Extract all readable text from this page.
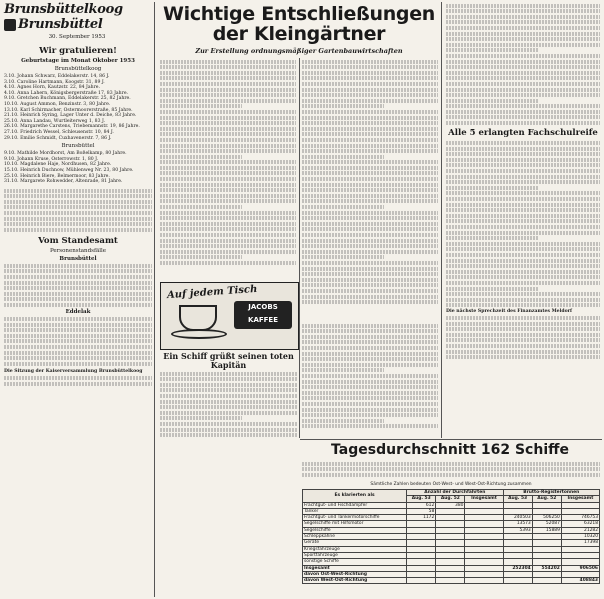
Brunsbüttelkoog
Brunsbüttel
30. September 1953
Wir gratulieren!
Geburtstage im Monat Oktober 1953
Brunsbüttelkoog
3.10. Johann Schwarz, Eddelakerstr. 14, 86 J.
3.10. Caroline Hartmann, Koogstr. 31, 89 J.
4.10. Agnes Horn, Kautzstr. 22, 84 Jahre.
4.10. Anna Lahern, Königsbergerstraße 17, 83 Jahre.
9.10. Gretchen Buchmann, Eddelakerstr. 25, 82 Jahre.
10.10. August Ammon, Benzinstr. 3, 80 Jahre.
13.10. Karl Schirmacher, Ostermoorerstraße, 85 Jahre.
21.10. Heinrich Syring, Lager Unter d. Deiche, 83 Jahre.
25.10. Anna Landau, Wurtleiterweg 1, 83 J.
26.10. Margarethe Carstens, Triebemannstr. 19, 86 Jahre.
27.10. Friedrich Wessel, Schleusenstr. 10, 84 J.
29.10. Emilie Schmidt, Cuxhavenerstr. 7, 86 J.
Brunsbüttel
9.10. Mathilde Mordhorst, Am Boßelkamp, 80 Jahre.
9.10. Johann Kruse, Osterrowstr. 1, 80 J.
10.10. Magdalene Haje, Nordhusen, 82 Jahre.
15.10. Heinrich Duchnow, Mühlenweg Nr. 23, 80 Jahre.
25.10. Heinrich Biere, Belmermoor, 83 Jahre.
31.10. Margarete Rohwedder, Altenrade, 81 Jahre.
Vom Standesamt
Personenstandsfälle
Brunsbüttel
Eddelak
Die Sitzung der Kaiserversammlung Brunsbüttelkoog
Wichtige Entschließungen der Kleingärtner
Zur Erstellung ordnungsmäßiger Gartenbauwirtschaften
Auf jedem Tisch
JACOBS KAFFEE
Ein Schiff grüßt seinen toten Kapitän
Alle 5 erlangten Fachschulreife
Die nächste Sprechzeit des Finanzamtes Meldorf
Tagesdurchschnitt 162 Schiffe
Sämtliche Zahlen bedeuten Ost-West- und West-Ost-Richtung zusammen
Es klarierten als	Anzahl der Durchfahrten			Brutto-Registertonnen		
	Aug. 53	Aug. 52	Insgesamt	Aug. 53	Aug. 52	Insgesamt
Frachtgut- und Fischdampfer	612	380				
Tanker	58					
Frachtgut- und Tankermotorschiffe	1172			240503	506250	746753
Segelschiffe mit Hilfsmotor				13573	52087	63218
Segelschiffe				5393	15889	21282
Schleppkähne						10320
Geräte						17398
Kriegsfahrzeuge						
Sportfahrzeuge						
sonstige Schiffe						
Insgesamt				252304	554202	906506
davon Ost-West-Richtung						
davon West-Ost-Richtung						408843
